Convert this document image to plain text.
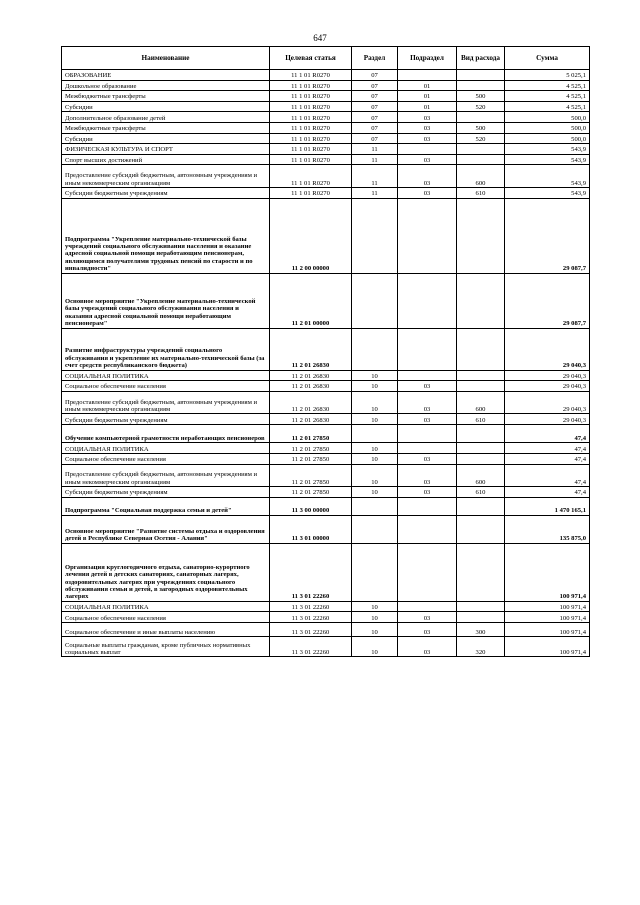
647
Наименование	Целевая статья	Раздел	Подраздел	Вид расхода	Сумма
ОБРАЗОВАНИЕ	11 1 01 R0270	07			5 025,1
Дошкольное образование	11 1 01 R0270	07	01		4 525,1
Межбюджетные трансферты	11 1 01 R0270	07	01	500	4 525,1
Субсидии	11 1 01 R0270	07	01	520	4 525,1
Дополнительное образование детей	11 1 01 R0270	07	03		500,0
Межбюджетные трансферты	11 1 01 R0270	07	03	500	500,0
Субсидии	11 1 01 R0270	07	03	520	500,0
ФИЗИЧЕСКАЯ КУЛЬТУРА И СПОРТ	11 1 01 R0270	11			543,9
Спорт высших достижений	11 1 01 R0270	11	03		543,9
Предоставление субсидий бюджетным, автономным учреждениям и иным некоммерческим организациям	11 1 01 R0270	11	03	600	543,9
Субсидии бюджетным учреждениям	11 1 01 R0270	11	03	610	543,9
Подпрограмма "Укрепление материально-технической базы учреждений социального обслуживания населения и оказание адресной социальной помощи неработающим пенсионерам, являющимся получателями трудовых пенсий по старости и по инвалидности"	11 2 00 00000				29 087,7
Основное мероприятие "Укрепление материально-технической базы учреждений социального обслуживания населения и оказания адресной социальной помощи неработающим пенсионерам"	11 2 01 00000				29 087,7
Развитие инфраструктуры учреждений социального обслуживания и укрепление их материально-технической базы (за счет средств республиканского бюджета)	11 2 01 26830				29 040,3
СОЦИАЛЬНАЯ ПОЛИТИКА	11 2 01 26830	10			29 040,3
Социальное обеспечение населения	11 2 01 26830	10	03		29 040,3
Предоставление субсидий бюджетным, автономным учреждениям и иным некоммерческим организациям	11 2 01 26830	10	03	600	29 040,3
Субсидии бюджетным учреждениям	11 2 01 26830	10	03	610	29 040,3
Обучение компьютерной грамотности неработающих пенсионеров	11 2 01 27850				47,4
СОЦИАЛЬНАЯ ПОЛИТИКА	11 2 01 27850	10			47,4
Социальное обеспечение населения	11 2 01 27850	10	03		47,4
Предоставление субсидий бюджетным, автономным учреждениям и иным некоммерческим организациям	11 2 01 27850	10	03	600	47,4
Субсидии бюджетным учреждениям	11 2 01 27850	10	03	610	47,4
Подпрограмма "Социальная поддержка семьи и детей"	11 3 00 00000				1 470 165,1
Основное мероприятие "Развитие системы отдыха и оздоровления детей в Республике Северная Осетия - Алания"	11 3 01 00000				135 875,0
Организация круглогодичного отдыха, санаторно-курортного лечения детей в детских санаториях, санаторных лагерях, оздоровительных лагерях при учреждениях социального обслуживания семьи и детей, в загородных оздоровительных лагерях	11 3 01 22260				100 971,4
СОЦИАЛЬНАЯ ПОЛИТИКА	11 3 01 22260	10			100 971,4
Социальное обеспечение населения	11 3 01 22260	10	03		100 971,4
Социальное обеспечение и иные выплаты населению	11 3 01 22260	10	03	300	100 971,4
Социальные выплаты гражданам, кроме публичных нормативных социальных выплат	11 3 01 22260	10	03	320	100 971,4
